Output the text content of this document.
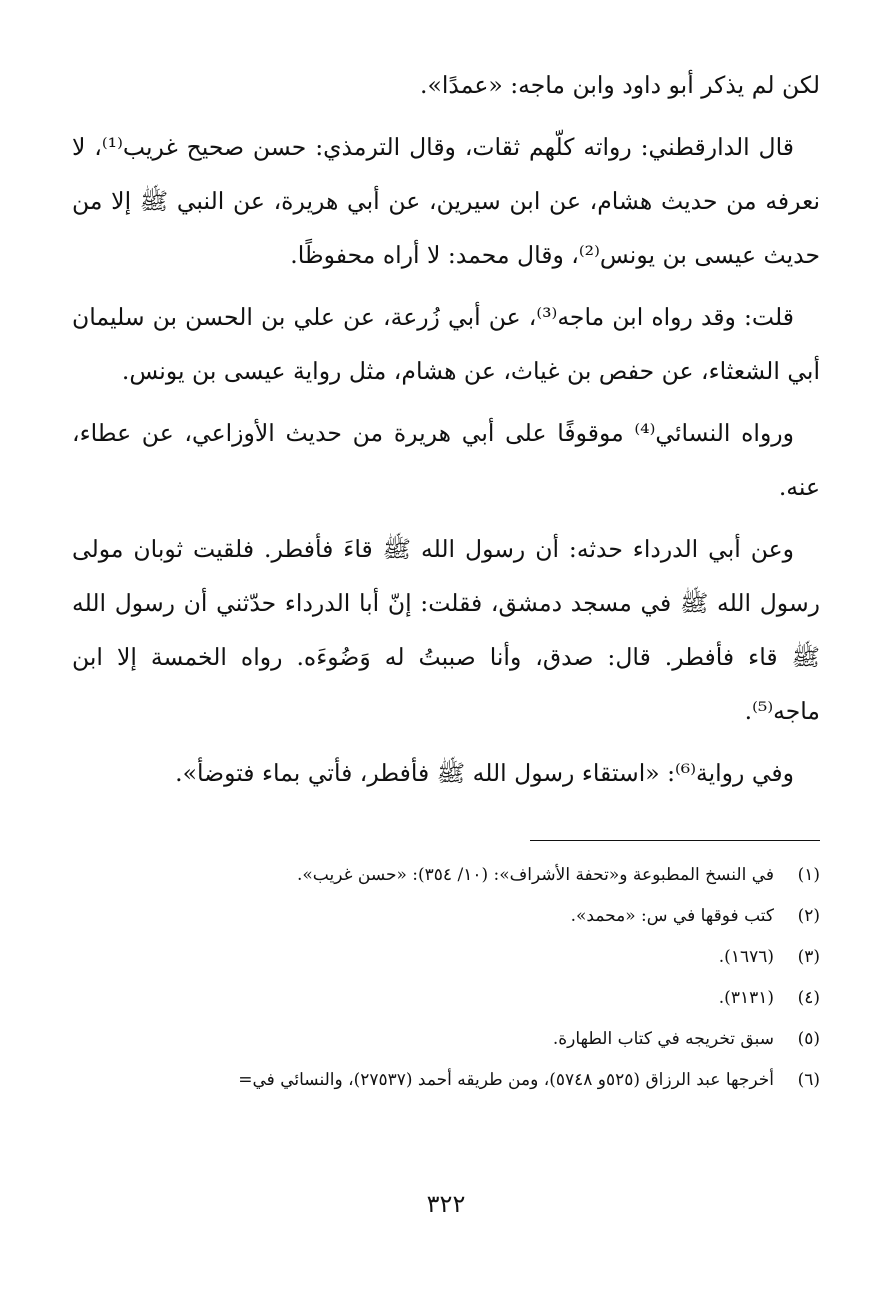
لكن لم يذكر أبو داود وابن ماجه: «عمدًا».

قال الدارقطني: رواته كلّهم ثقات، وقال الترمذي: حسن صحيح غريب⁽¹⁾، لا نعرفه من حديث هشام، عن ابن سيرين، عن أبي هريرة، عن النبي ﷺ إلا من حديث عيسى بن يونس⁽²⁾، وقال محمد: لا أراه محفوظًا.

قلت: وقد رواه ابن ماجه⁽³⁾، عن أبي زُرعة، عن علي بن الحسن بن سليمان أبي الشعثاء، عن حفص بن غياث، عن هشام، مثل رواية عيسى بن يونس.

ورواه النسائي⁽⁴⁾ موقوفًا على أبي هريرة من حديث الأوزاعي، عن عطاء، عنه.

وعن أبي الدرداء حدثه: أن رسول الله ﷺ قاءَ فأفطر. فلقيت ثوبان مولى رسول الله ﷺ في مسجد دمشق، فقلت: إنّ أبا الدرداء حدّثني أن رسول الله ﷺ قاء فأفطر. قال: صدق، وأنا صببتُ له وَضُوءَه. رواه الخمسة إلا ابن ماجه⁽⁵⁾.

وفي رواية⁽⁶⁾: «استقاء رسول الله ﷺ فأفطر، فأتي بماء فتوضأ».

(١)
في النسخ المطبوعة و«تحفة الأشراف»: (١٠/ ٣٥٤): «حسن غريب».
(٢)
كتب فوقها في س: «محمد».
(٣)
(١٦٧٦).
(٤)
(٣١٣١).
(٥)
سبق تخريجه في كتاب الطهارة.
(٦)
أخرجها عبد الرزاق (٥٢٥و ٥٧٤٨)، ومن طريقه أحمد (٢٧٥٣٧)، والنسائي في=
٣٢٢
